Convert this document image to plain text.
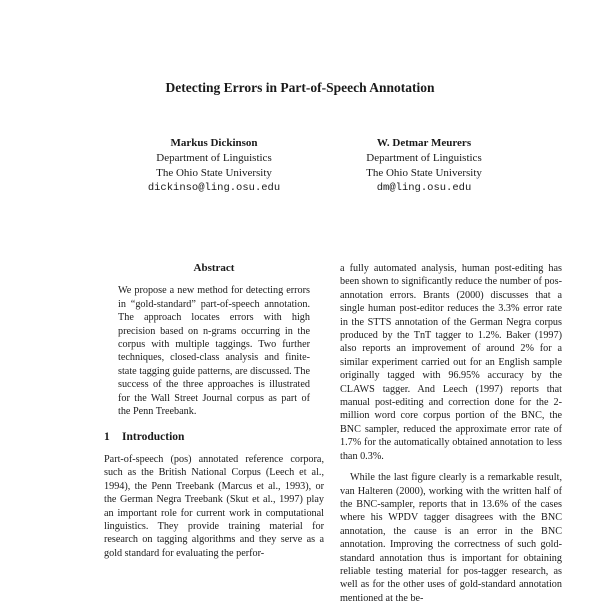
Detecting Errors in Part-of-Speech Annotation
Markus Dickinson
Department of Linguistics
The Ohio State University
dickinso@ling.osu.edu
W. Detmar Meurers
Department of Linguistics
The Ohio State University
dm@ling.osu.edu
Abstract

We propose a new method for detecting errors in “gold-standard” part-of-speech annotation. The approach locates errors with high precision based on n-grams occurring in the corpus with multiple taggings. Two further techniques, closed-class analysis and finite-state tagging guide patterns, are discussed. The success of the three approaches is illustrated for the Wall Street Journal corpus as part of the Penn Treebank.

1 Introduction

Part-of-speech (pos) annotated reference corpora, such as the British National Corpus (Leech et al., 1994), the Penn Treebank (Marcus et al., 1993), or the German Negra Treebank (Skut et al., 1997) play an important role for current work in computational linguistics. They provide training material for research on tagging algorithms and they serve as a gold standard for evaluating the perfor-

a fully automated analysis, human post-editing has been shown to significantly reduce the number of pos-annotation errors. Brants (2000) discusses that a single human post-editor reduces the 3.3% error rate in the STTS annotation of the German Negra corpus produced by the TnT tagger to 1.2%. Baker (1997) also reports an improvement of around 2% for a similar experiment carried out for an English sample originally tagged with 96.95% accuracy by the CLAWS tagger. And Leech (1997) reports that manual post-editing and correction done for the 2-million word core corpus portion of the BNC, the BNC sampler, reduced the approximate error rate of 1.7% for the automatically obtained annotation to less than 0.3%.

While the last figure clearly is a remarkable result, van Halteren (2000), working with the written half of the BNC-sampler, reports that in 13.6% of the cases where his WPDV tagger disagrees with the BNC annotation, the cause is an error in the BNC annotation. Improving the correctness of such gold-standard annotation thus is important for obtaining reliable testing material for pos-tagger research, as well as for the other uses of gold-standard annotation mentioned at the be-
